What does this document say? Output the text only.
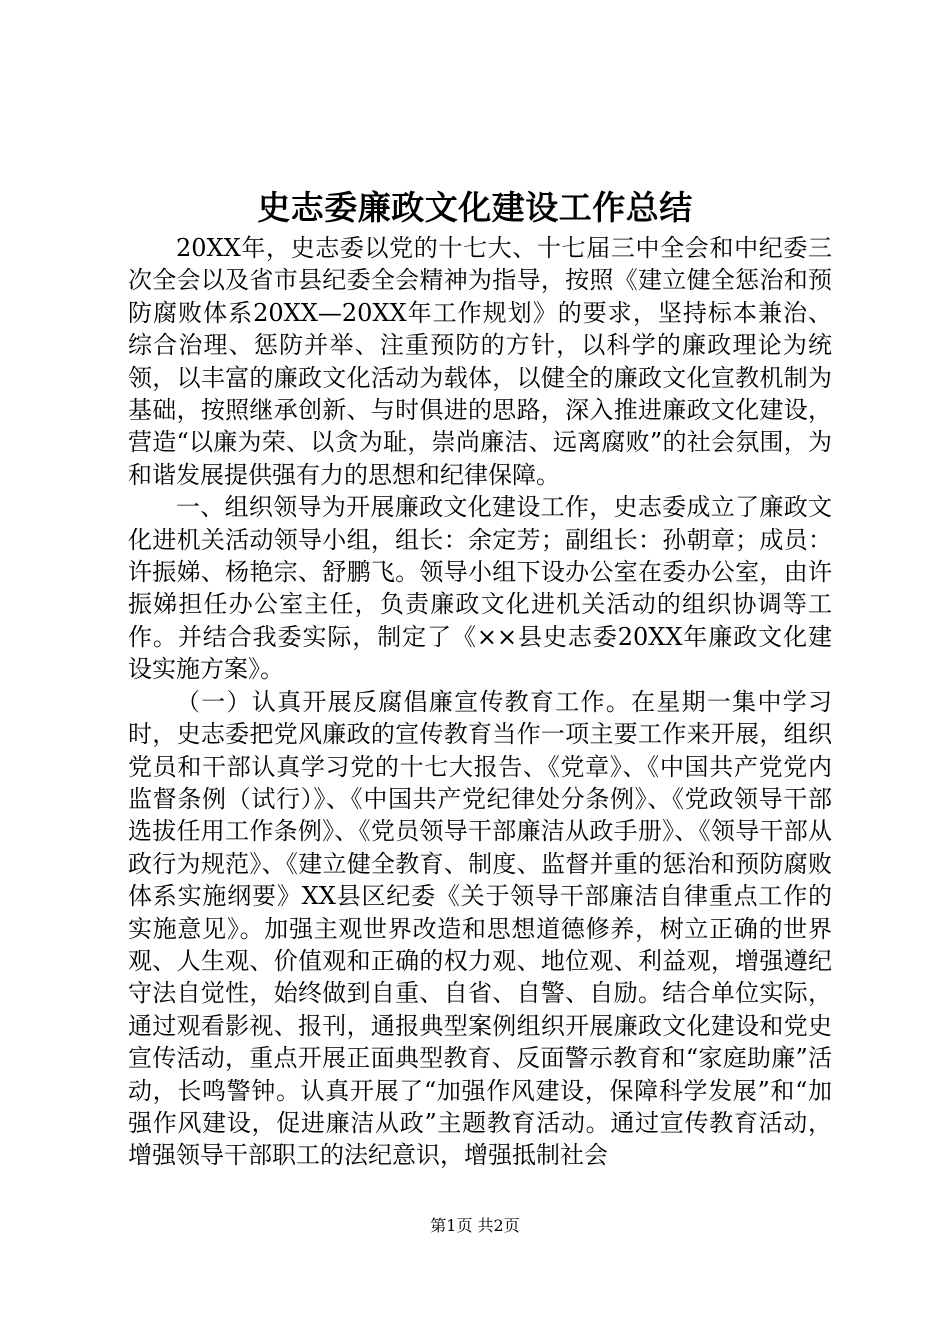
史志委廉政文化建设工作总结

20XX年，史志委以党的十七大、十七届三中全会和中纪委三次全会以及省市县纪委全会精神为指导，按照《建立健全惩治和预防腐败体系20XX—20XX年工作规划》的要求，坚持标本兼治、综合治理、惩防并举、注重预防的方针，以科学的廉政理论为统领，以丰富的廉政文化活动为载体，以健全的廉政文化宣教机制为基础，按照继承创新、与时俱进的思路，深入推进廉政文化建设，营造“以廉为荣、以贪为耻，崇尚廉洁、远离腐败”的社会氛围，为和谐发展提供强有力的思想和纪律保障。

一、组织领导为开展廉政文化建设工作，史志委成立了廉政文化进机关活动领导小组，组长：余定芳；副组长：孙朝章；成员：许振娣、杨艳宗、舒鹏飞。领导小组下设办公室在委办公室，由许振娣担任办公室主任，负责廉政文化进机关活动的组织协调等工作。并结合我委实际，制定了《××县史志委20XX年廉政文化建设实施方案》。

（一）认真开展反腐倡廉宣传教育工作。在星期一集中学习时，史志委把党风廉政的宣传教育当作一项主要工作来开展，组织党员和干部认真学习党的十七大报告、《党章》、《中国共产党党内监督条例（试行）》、《中国共产党纪律处分条例》、《党政领导干部选拔任用工作条例》、《党员领导干部廉洁从政手册》、《领导干部从政行为规范》、《建立健全教育、制度、监督并重的惩治和预防腐败体系实施纲要》XX县区纪委《关于领导干部廉洁自律重点工作的实施意见》。加强主观世界改造和思想道德修养，树立正确的世界观、人生观、价值观和正确的权力观、地位观、利益观，增强遵纪守法自觉性，始终做到自重、自省、自警、自励。结合单位实际，通过观看影视、报刊，通报典型案例组织开展廉政文化建设和党史宣传活动，重点开展正面典型教育、反面警示教育和“家庭助廉”活动，长鸣警钟。认真开展了“加强作风建设，保障科学发展”和“加强作风建设，促进廉洁从政”主题教育活动。通过宣传教育活动，增强领导干部职工的法纪意识，增强抵制社会

第1页 共2页
